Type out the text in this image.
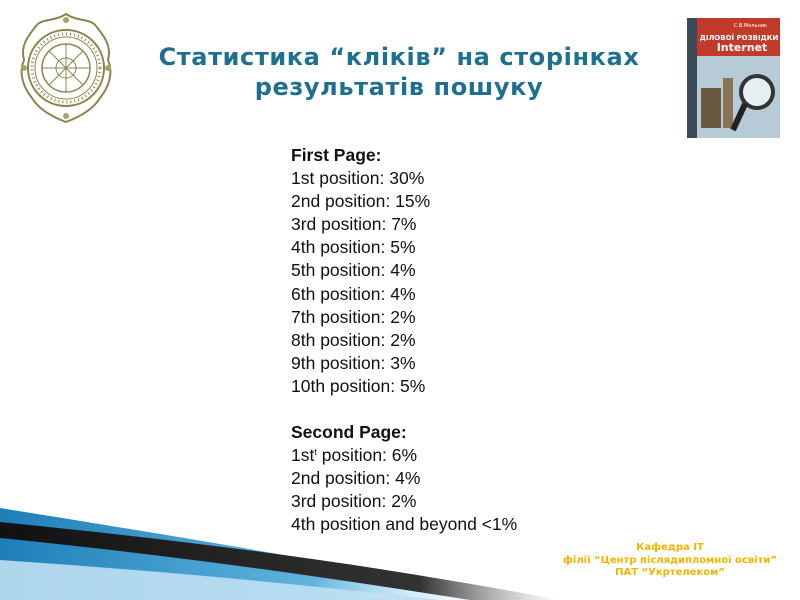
Статистика “кліків” на сторінках
результатів пошуку
С.В.Мельник
ДІЛОВОЇ РОЗВІДКИ
Internet
First Page:
1st position: 30%
2nd position: 15%
3rd position: 7%
4th position: 5%
5th position: 4%
6th position: 4%
7th position: 2%
8th position: 2%
9th position: 3%
10th position: 5%
Second Page:
$1st^t$ position: 6%
2nd position: 4%
3rd position: 2%
4th position and beyond <1%
Кафедра ІТ
філії “Центр післядипломної освіти”
ПАТ “Укртелеком”
